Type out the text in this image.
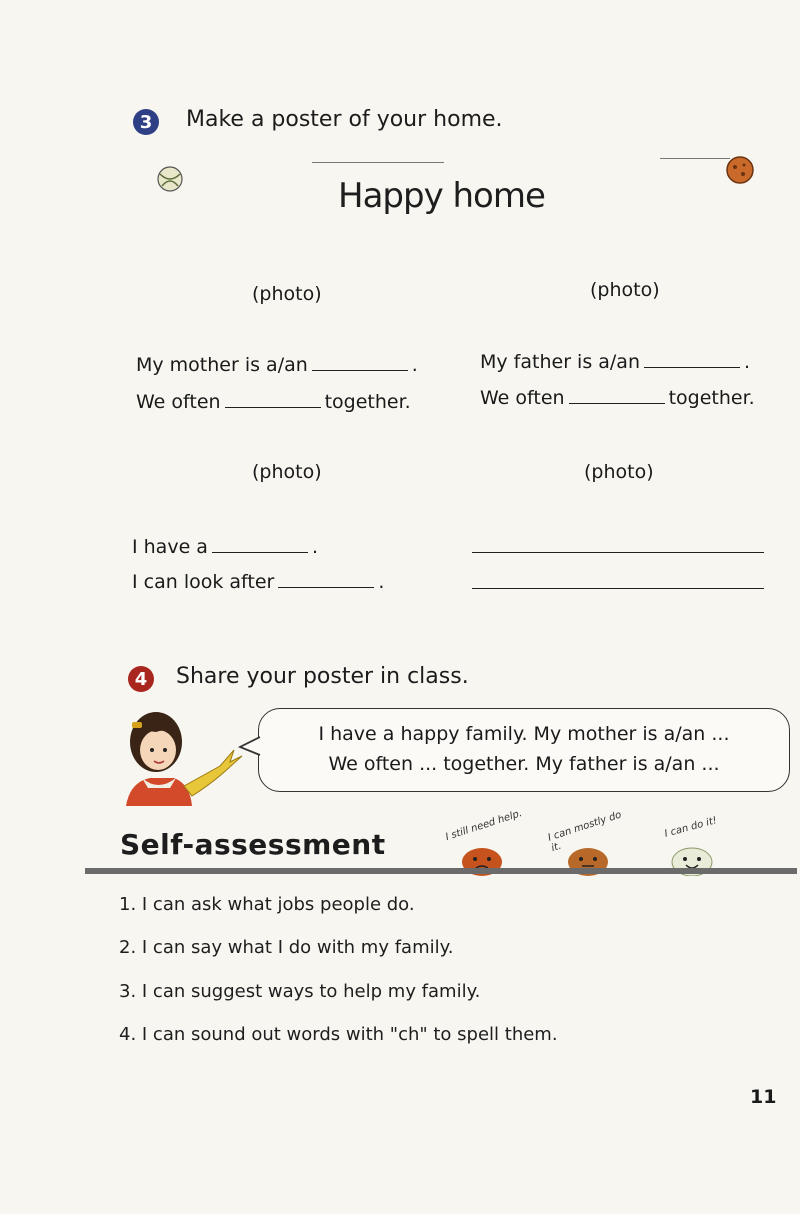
3	Make a poster of your home.
Happy home
(photo)	(photo)
My mother is a/an	.	My father is a/an	.
We often	together.	We often	together.
(photo)	(photo)
I have a	.
I can look after	.
4	Share your poster in class.
I have a happy family. My mother is a/an ...
We often ... together. My father is a/an ...
Self-assessment
I still need help. I can mostly do it.
I can do it!
1. I can ask what jobs people do.
2. I can say what I do with my family.
3. I can suggest ways to help my family.
4. I can sound out words with "ch" to spell them.
11
